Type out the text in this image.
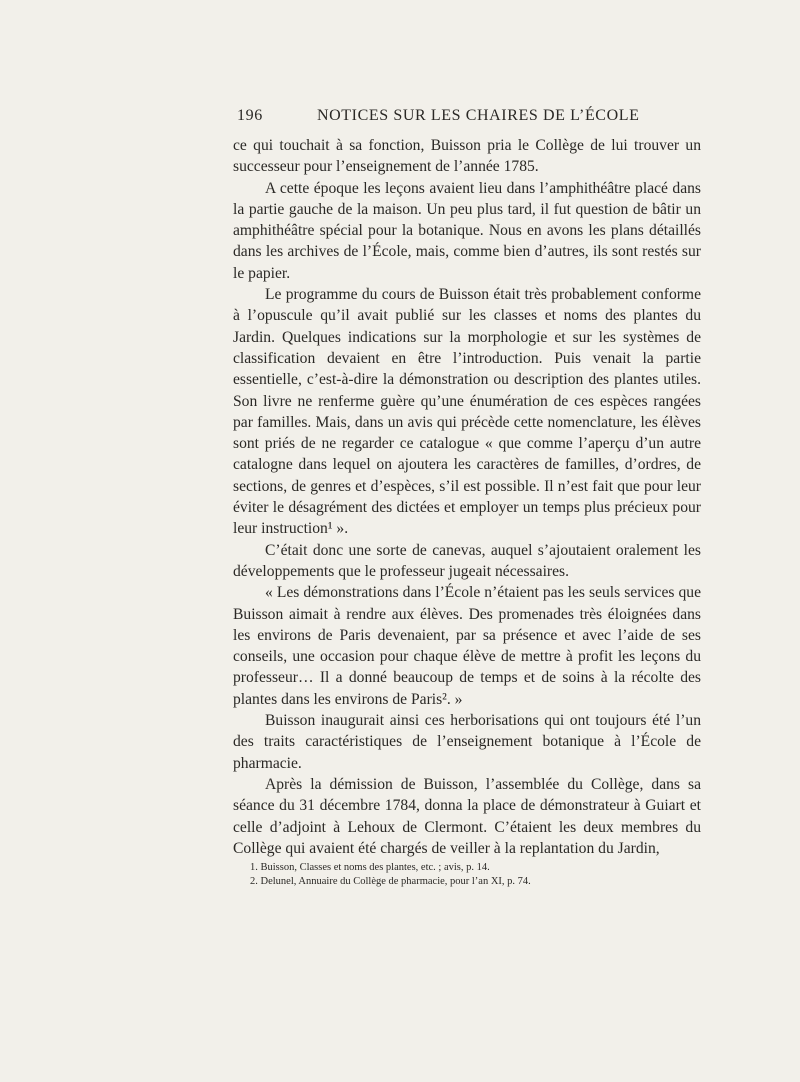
196	NOTICES SUR LES CHAIRES DE L’ÉCOLE

ce qui touchait à sa fonction, Buisson pria le Collège de lui trouver un successeur pour l’enseignement de l’année 1785.

A cette époque les leçons avaient lieu dans l’amphithéâtre placé dans la partie gauche de la maison. Un peu plus tard, il fut question de bâtir un amphithéâtre spécial pour la botanique. Nous en avons les plans détaillés dans les archives de l’École, mais, comme bien d’autres, ils sont restés sur le papier.

Le programme du cours de Buisson était très probablement conforme à l’opuscule qu’il avait publié sur les classes et noms des plantes du Jardin. Quelques indications sur la morphologie et sur les systèmes de classification devaient en être l’introduction. Puis venait la partie essentielle, c’est-à-dire la démonstration ou description des plantes utiles. Son livre ne renferme guère qu’une énumération de ces espèces rangées par familles. Mais, dans un avis qui précède cette nomenclature, les élèves sont priés de ne regarder ce catalogue « que comme l’aperçu d’un autre catalogne dans lequel on ajoutera les caractères de familles, d’ordres, de sections, de genres et d’espèces, s’il est possible. Il n’est fait que pour leur éviter le désagrément des dictées et employer un temps plus précieux pour leur instruction¹ ».

C’était donc une sorte de canevas, auquel s’ajoutaient oralement les développements que le professeur jugeait nécessaires.

« Les démonstrations dans l’École n’étaient pas les seuls services que Buisson aimait à rendre aux élèves. Des promenades très éloignées dans les environs de Paris devenaient, par sa présence et avec l’aide de ses conseils, une occasion pour chaque élève de mettre à profit les leçons du professeur… Il a donné beaucoup de temps et de soins à la récolte des plantes dans les environs de Paris². »

Buisson inaugurait ainsi ces herborisations qui ont toujours été l’un des traits caractéristiques de l’enseignement botanique à l’École de pharmacie.

Après la démission de Buisson, l’assemblée du Collège, dans sa séance du 31 décembre 1784, donna la place de démonstrateur à Guiart et celle d’adjoint à Lehoux de Clermont. C’étaient les deux membres du Collège qui avaient été chargés de veiller à la replantation du Jardin,

1. Buisson, Classes et noms des plantes, etc. ; avis, p. 14.
2. Delunel, Annuaire du Collège de pharmacie, pour l’an XI, p. 74.
